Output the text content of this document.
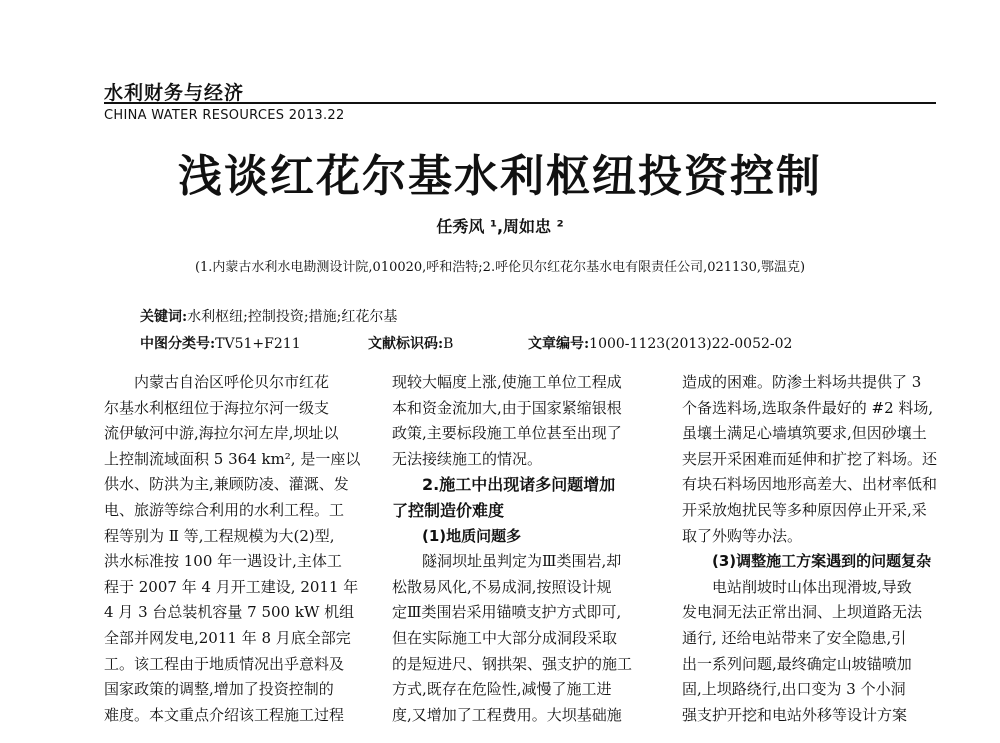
水利财务与经济
CHINA WATER RESOURCES 2013.22
浅谈红花尔基水利枢纽投资控制
任秀风 ¹,周如忠 ²
(1.内蒙古水利水电勘测设计院,010020,呼和浩特;2.呼伦贝尔红花尔基水电有限责任公司,021130,鄂温克)
关键词:水利枢纽;控制投资;措施;红花尔基
中图分类号:TV51+F211	文献标识码:B	文章编号:1000-1123(2013)22-0052-02
内蒙古自治区呼伦贝尔市红花
尔基水利枢纽位于海拉尔河一级支
流伊敏河中游,海拉尔河左岸,坝址以
上控制流域面积 5 364 km², 是一座以
供水、防洪为主,兼顾防凌、灌溉、发
电、旅游等综合利用的水利工程。工
程等别为 Ⅱ 等,工程规模为大(2)型,
洪水标准按 100 年一遇设计,主体工
程于 2007 年 4 月开工建设, 2011 年
4 月 3 台总装机容量 7 500 kW 机组
全部并网发电,2011 年 8 月底全部完
工。该工程由于地质情况出乎意料及
国家政策的调整,增加了投资控制的
难度。本文重点介绍该工程施工过程
现较大幅度上涨,使施工单位工程成
本和资金流加大,由于国家紧缩银根
政策,主要标段施工单位甚至出现了
无法接续施工的情况。
2.施工中出现诸多问题增加
了控制造价难度
(1)地质问题多
隧洞坝址虽判定为Ⅲ类围岩,却
松散易风化,不易成洞,按照设计规
定Ⅲ类围岩采用锚喷支护方式即可,
但在实际施工中大部分成洞段采取
的是短进尺、钢拱架、强支护的施工
方式,既存在危险性,减慢了施工进
度,又增加了工程费用。大坝基础施
造成的困难。防渗土料场共提供了 3
个备选料场,选取条件最好的 #2 料场,
虽壤土满足心墙填筑要求,但因砂壤土
夹层开采困难而延伸和扩挖了料场。还
有块石料场因地形高差大、出材率低和
开采放炮扰民等多种原因停止开采,采
取了外购等办法。
(3)调整施工方案遇到的问题复杂
电站削坡时山体出现滑坡,导致
发电洞无法正常出洞、上坝道路无法
通行, 还给电站带来了安全隐患,引
出一系列问题,最终确定山坡锚喷加
固,上坝路绕行,出口变为 3 个小洞
强支护开挖和电站外移等设计方案
